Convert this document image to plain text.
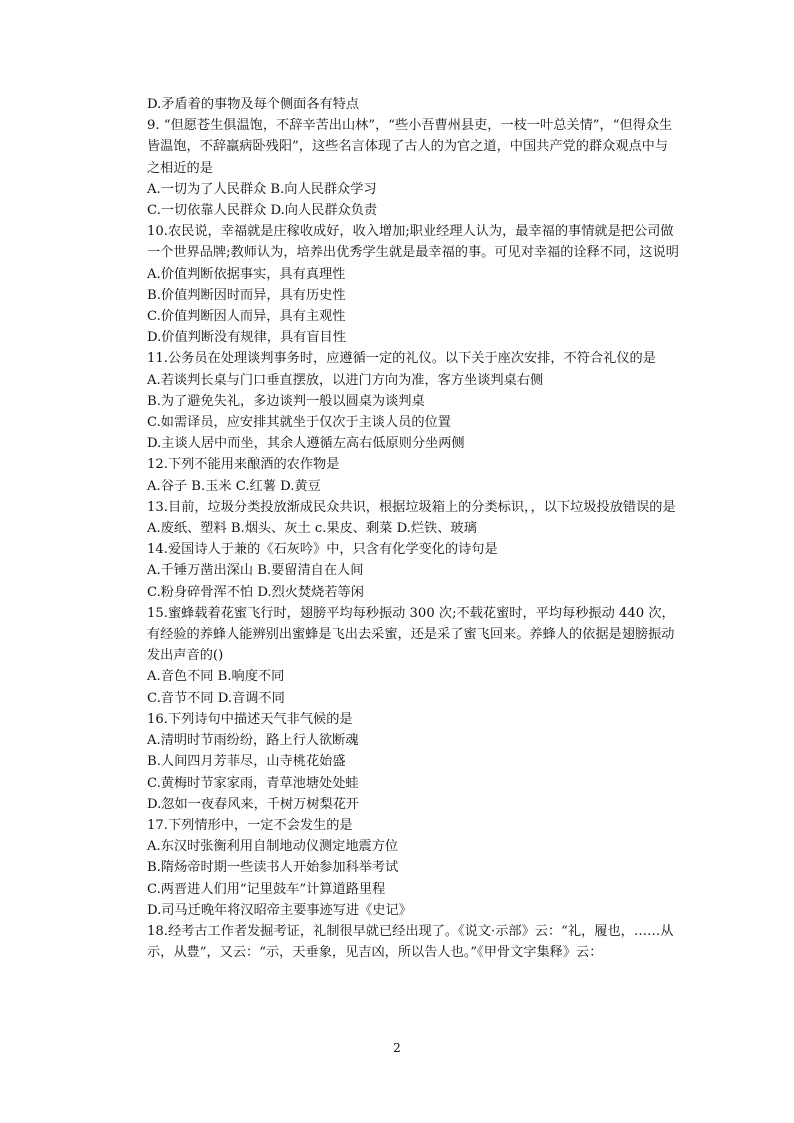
D.矛盾着的事物及每个侧面各有特点
9. “但愿苍生俱温饱，不辞辛苦出山林”，“些小吾曹州县吏，一枝一叶总关情”，“但得众生皆温饱，不辞羸病卧残阳”，这些名言体现了古人的为官之道，中国共产党的群众观点中与之相近的是
A.一切为了人民群众 B.向人民群众学习
C.一切依靠人民群众 D.向人民群众负责
10.农民说，幸福就是庄稼收成好，收入增加;职业经理人认为，最幸福的事情就是把公司做一个世界品牌;教师认为，培养出优秀学生就是最幸福的事。可见对幸福的诠释不同，这说明
A.价值判断依据事实，具有真理性
B.价值判断因时而异，具有历史性
C.价值判断因人而异，具有主观性
D.价值判断没有规律，具有盲目性
11.公务员在处理谈判事务时，应遵循一定的礼仪。以下关于座次安排，不符合礼仪的是
A.若谈判长桌与门口垂直摆放，以进门方向为准，客方坐谈判桌右侧
B.为了避免失礼，多边谈判一般以圆桌为谈判桌
C.如需译员，应安排其就坐于仅次于主谈人员的位置
D.主谈人居中而坐，其余人遵循左高右低原则分坐两侧
12.下列不能用来酿酒的农作物是
A.谷子 B.玉米 C.红薯 D.黄豆
13.目前，垃圾分类投放渐成民众共识，根据垃圾箱上的分类标识，，以下垃圾投放错误的是
A.废纸、塑料 B.烟头、灰土 c.果皮、剩菜 D.烂铁、玻璃
14.爱国诗人于兼的《石灰吟》中，只含有化学变化的诗句是
A.千锤万凿出深山 B.要留清自在人间
C.粉身碎骨浑不怕 D.烈火焚烧若等闲
15.蜜蜂载着花蜜飞行时，翅膀平均每秒振动 300 次;不载花蜜时，平均每秒振动 440 次，有经验的养蜂人能辨别出蜜蜂是飞出去采蜜，还是采了蜜飞回来。养蜂人的依据是翅膀振动发出声音的()
A.音色不同 B.响度不同
C.音节不同 D.音调不同
16.下列诗句中描述天气非气候的是
A.清明时节雨纷纷，路上行人欲断魂
B.人间四月芳菲尽，山寺桃花始盛
C.黄梅时节家家雨，青草池塘处处蛙
D.忽如一夜春风来，千树万树梨花开
17.下列情形中，一定不会发生的是
A.东汉时张衡利用自制地动仪测定地震方位
B.隋炀帝时期一些读书人开始参加科举考试
C.两晋进人们用“记里鼓车”计算道路里程
D.司马迁晚年将汉昭帝主要事迹写进《史记》
18.经考古工作者发掘考证，礼制很早就已经出现了。《说文·示部》云：“礼，履也，……从示，从豊”，又云：“示，天垂象，见吉凶，所以告人也。”《甲骨文字集释》云：
2
